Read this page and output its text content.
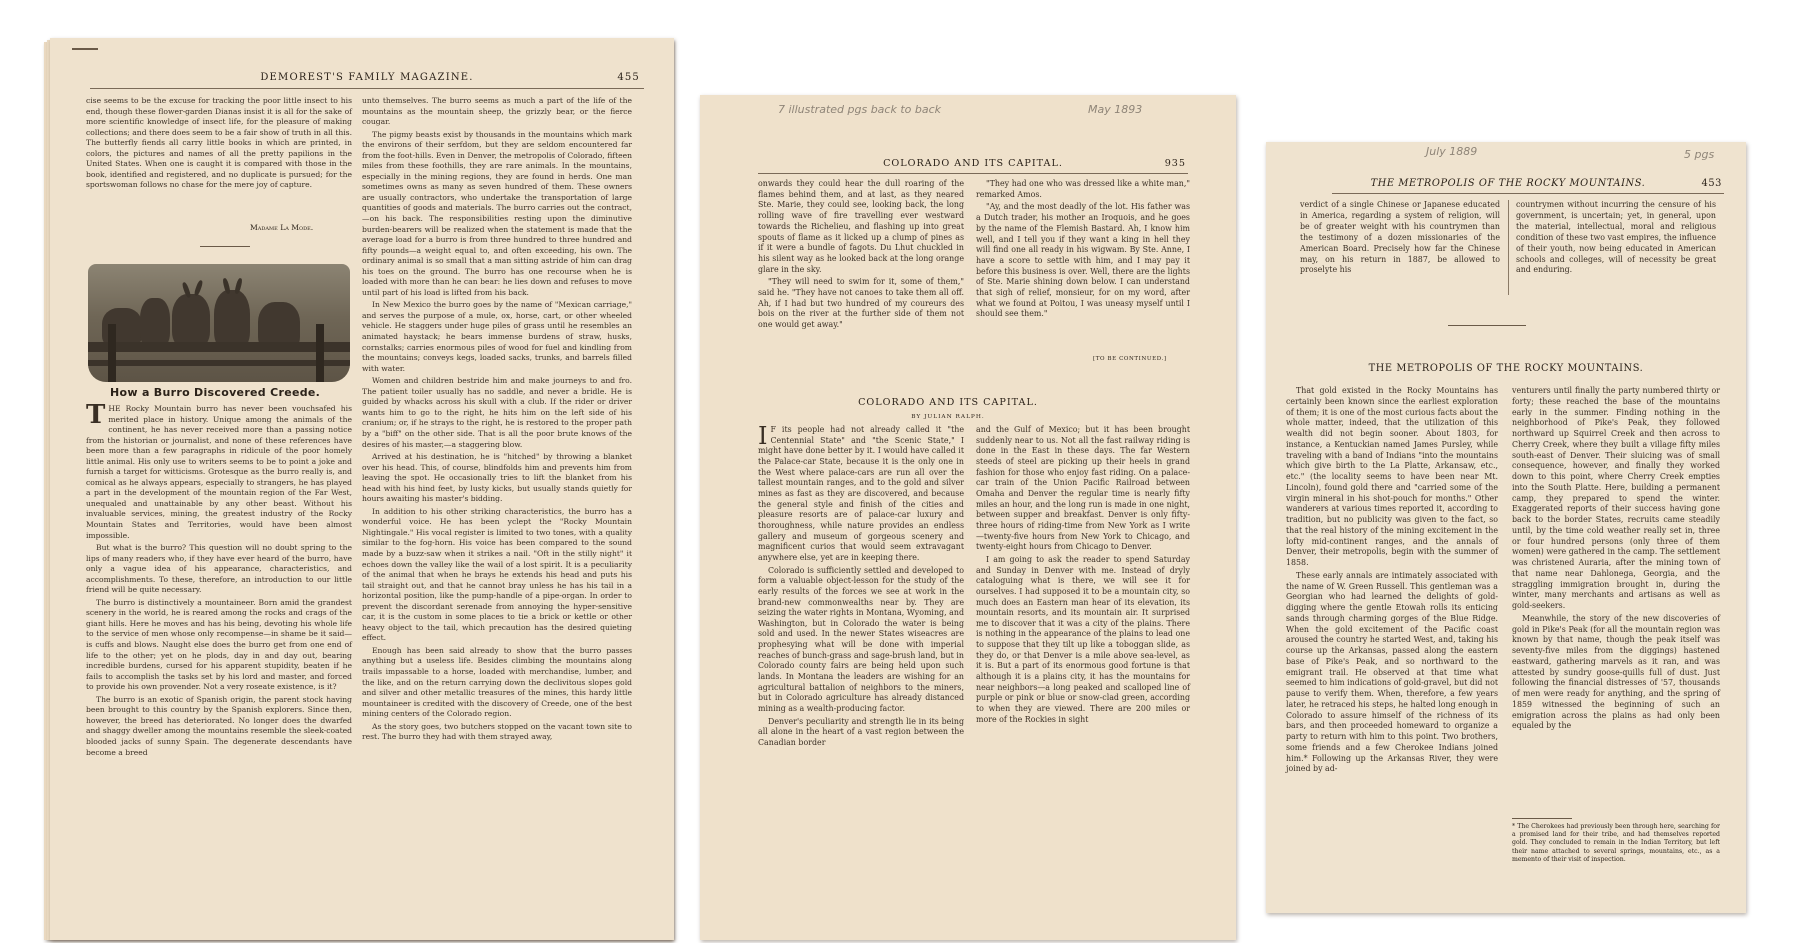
DEMOREST'S FAMILY MAGAZINE.	455

cise seems to be the excuse for tracking the poor little insect to his end, though these flower-garden Dianas insist it is all for the sake of more scientific knowledge of insect life, for the pleasure of making collections; and there does seem to be a fair show of truth in all this. The butterfly fiends all carry little books in which are printed, in colors, the pictures and names of all the pretty papilions in the United States. When one is caught it is compared with those in the book, identified and registered, and no duplicate is pursued; for the sportswoman follows no chase for the mere joy of capture.

Madame La Mode.
How a Burro Discovered Creede.

THE Rocky Mountain burro has never been vouchsafed his merited place in history. Unique among the animals of the continent, he has never received more than a passing notice from the historian or journalist, and none of these references have been more than a few paragraphs in ridicule of the poor homely little animal. His only use to writers seems to be to point a joke and furnish a target for witticisms. Grotesque as the burro really is, and comical as he always appears, especially to strangers, he has played a part in the development of the mountain region of the Far West, unequaled and unattainable by any other beast. Without his invaluable services, mining, the greatest industry of the Rocky Mountain States and Territories, would have been almost impossible.

But what is the burro? This question will no doubt spring to the lips of many readers who, if they have ever heard of the burro, have only a vague idea of his appearance, characteristics, and accomplishments. To these, therefore, an introduction to our little friend will be quite necessary.

The burro is distinctively a mountaineer. Born amid the grandest scenery in the world, he is reared among the rocks and crags of the giant hills. Here he moves and has his being, devoting his whole life to the service of men whose only recompense—in shame be it said—is cuffs and blows. Naught else does the burro get from one end of life to the other; yet on he plods, day in and day out, bearing incredible burdens, cursed for his apparent stupidity, beaten if he fails to accomplish the tasks set by his lord and master, and forced to provide his own provender. Not a very roseate existence, is it?

The burro is an exotic of Spanish origin, the parent stock having been brought to this country by the Spanish explorers. Since then, however, the breed has deteriorated. No longer does the dwarfed and shaggy dweller among the mountains resemble the sleek-coated blooded jacks of sunny Spain. The degenerate descendants have become a breed

unto themselves. The burro seems as much a part of the life of the mountains as the mountain sheep, the grizzly bear, or the fierce cougar.

The pigmy beasts exist by thousands in the mountains which mark the environs of their serfdom, but they are seldom encountered far from the foot-hills. Even in Denver, the metropolis of Colorado, fifteen miles from these foothills, they are rare animals. In the mountains, especially in the mining regions, they are found in herds. One man sometimes owns as many as seven hundred of them. These owners are usually contractors, who undertake the transportation of large quantities of goods and materials. The burro carries out the contract,—on his back. The responsibilities resting upon the diminutive burden-bearers will be realized when the statement is made that the average load for a burro is from three hundred to three hundred and fifty pounds—a weight equal to, and often exceeding, his own. The ordinary animal is so small that a man sitting astride of him can drag his toes on the ground. The burro has one recourse when he is loaded with more than he can bear: he lies down and refuses to move until part of his load is lifted from his back.

In New Mexico the burro goes by the name of "Mexican carriage," and serves the purpose of a mule, ox, horse, cart, or other wheeled vehicle. He staggers under huge piles of grass until he resembles an animated haystack; he bears immense burdens of straw, husks, cornstalks; carries enormous piles of wood for fuel and kindling from the mountains; conveys kegs, loaded sacks, trunks, and barrels filled with water.

Women and children bestride him and make journeys to and fro. The patient toiler usually has no saddle, and never a bridle. He is guided by whacks across his skull with a club. If the rider or driver wants him to go to the right, he hits him on the left side of his cranium; or, if he strays to the right, he is restored to the proper path by a "biff" on the other side. That is all the poor brute knows of the desires of his master,—a staggering blow.

Arrived at his destination, he is "hitched" by throwing a blanket over his head. This, of course, blindfolds him and prevents him from leaving the spot. He occasionally tries to lift the blanket from his head with his hind feet, by lusty kicks, but usually stands quietly for hours awaiting his master's bidding.

In addition to his other striking characteristics, the burro has a wonderful voice. He has been yclept the "Rocky Mountain Nightingale." His vocal register is limited to two tones, with a quality similar to the fog-horn. His voice has been compared to the sound made by a buzz-saw when it strikes a nail. "Oft in the stilly night" it echoes down the valley like the wail of a lost spirit. It is a peculiarity of the animal that when he brays he extends his head and puts his tail straight out, and that he cannot bray unless he has his tail in a horizontal position, like the pump-handle of a pipe-organ. In order to prevent the discordant serenade from annoying the hyper-sensitive car, it is the custom in some places to tie a brick or kettle or other heavy object to the tail, which precaution has the desired quieting effect.

Enough has been said already to show that the burro passes anything but a useless life. Besides climbing the mountains along trails impassable to a horse, loaded with merchandise, lumber, and the like, and on the return carrying down the declivitous slopes gold and silver and other metallic treasures of the mines, this hardy little mountaineer is credited with the discovery of Creede, one of the best mining centers of the Colorado region.

As the story goes, two butchers stopped on the vacant town site to rest. The burro they had with them strayed away,

7 illustrated pgs back to back	May 1893
COLORADO AND ITS CAPITAL.	935

onwards they could hear the dull roaring of the flames behind them, and at last, as they neared Ste. Marie, they could see, looking back, the long rolling wave of fire travelling ever westward towards the Richelieu, and flashing up into great spouts of flame as it licked up a clump of pines as if it were a bundle of fagots. Du Lhut chuckled in his silent way as he looked back at the long orange glare in the sky.

"They will need to swim for it, some of them," said he. "They have not canoes to take them all off. Ah, if I had but two hundred of my coureurs des bois on the river at the further side of them not one would get away."

"They had one who was dressed like a white man," remarked Amos.

"Ay, and the most deadly of the lot. His father was a Dutch trader, his mother an Iroquois, and he goes by the name of the Flemish Bastard. Ah, I know him well, and I tell you if they want a king in hell they will find one all ready in his wigwam. By Ste. Anne, I have a score to settle with him, and I may pay it before this business is over. Well, there are the lights of Ste. Marie shining down below. I can understand that sigh of relief, monsieur, for on my word, after what we found at Poitou, I was uneasy myself until I should see them."

[TO BE CONTINUED.]
COLORADO AND ITS CAPITAL.
BY JULIAN RALPH.

I F its people had not already called it "the Centennial State" and "the Scenic State," I might have done better by it. I would have called it the Palace-car State, because it is the only one in the West where palace-cars are run all over the tallest mountain ranges, and to the gold and silver mines as fast as they are discovered, and because the general style and finish of the cities and pleasure resorts are of palace-car luxury and thoroughness, while nature provides an endless gallery and museum of gorgeous scenery and magnificent curios that would seem extravagant anywhere else, yet are in keeping there.

Colorado is sufficiently settled and developed to form a valuable object-lesson for the study of the early results of the forces we see at work in the brand-new commonwealths near by. They are seizing the water rights in Montana, Wyoming, and Washington, but in Colorado the water is being sold and used. In the newer States wiseacres are prophesying what will be done with imperial reaches of bunch-grass and sage-brush land, but in Colorado county fairs are being held upon such lands. In Montana the leaders are wishing for an agricultural battalion of neighbors to the miners, but in Colorado agriculture has already distanced mining as a wealth-producing factor.

Denver's peculiarity and strength lie in its being all alone in the heart of a vast region between the Canadian border

and the Gulf of Mexico; but it has been brought suddenly near to us. Not all the fast railway riding is done in the East in these days. The far Western steeds of steel are picking up their heels in grand fashion for those who enjoy fast riding. On a palace-car train of the Union Pacific Railroad between Omaha and Denver the regular time is nearly fifty miles an hour, and the long run is made in one night, between supper and breakfast. Denver is only fifty-three hours of riding-time from New York as I write—twenty-five hours from New York to Chicago, and twenty-eight hours from Chicago to Denver.

I am going to ask the reader to spend Saturday and Sunday in Denver with me. Instead of dryly cataloguing what is there, we will see it for ourselves. I had supposed it to be a mountain city, so much does an Eastern man hear of its elevation, its mountain resorts, and its mountain air. It surprised me to discover that it was a city of the plains. There is nothing in the appearance of the plains to lead one to suppose that they tilt up like a toboggan slide, as they do, or that Denver is a mile above sea-level, as it is. But a part of its enormous good fortune is that although it is a plains city, it has the mountains for near neighbors—a long peaked and scalloped line of purple or pink or blue or snow-clad green, according to when they are viewed. There are 200 miles or more of the Rockies in sight

July 1889	5 pgs
THE METROPOLIS OF THE ROCKY MOUNTAINS.	453

verdict of a single Chinese or Japanese educated in America, regarding a system of religion, will be of greater weight with his countrymen than the testimony of a dozen missionaries of the American Board. Precisely how far the Chinese may, on his return in 1887, be allowed to proselyte his

countrymen without incurring the censure of his government, is uncertain; yet, in general, upon the material, intellectual, moral and religious condition of these two vast empires, the influence of their youth, now being educated in American schools and colleges, will of necessity be great and enduring.

THE METROPOLIS OF THE ROCKY MOUNTAINS.

That gold existed in the Rocky Mountains has certainly been known since the earliest exploration of them; it is one of the most curious facts about the whole matter, indeed, that the utilization of this wealth did not begin sooner. About 1803, for instance, a Kentuckian named James Pursley, while traveling with a band of Indians "into the mountains which give birth to the La Platte, Arkansaw, etc., etc." (the locality seems to have been near Mt. Lincoln), found gold there and "carried some of the virgin mineral in his shot-pouch for months." Other wanderers at various times reported it, according to tradition, but no publicity was given to the fact, so that the real history of the mining excitement in the lofty mid-continent ranges, and the annals of Denver, their metropolis, begin with the summer of 1858.

These early annals are intimately associated with the name of W. Green Russell. This gentleman was a Georgian who had learned the delights of gold-digging where the gentle Etowah rolls its enticing sands through charming gorges of the Blue Ridge. When the gold excitement of the Pacific coast aroused the country he started West, and, taking his course up the Arkansas, passed along the eastern base of Pike's Peak, and so northward to the emigrant trail. He observed at that time what seemed to him indications of gold-gravel, but did not pause to verify them. When, therefore, a few years later, he retraced his steps, he halted long enough in Colorado to assure himself of the richness of its bars, and then proceeded homeward to organize a party to return with him to this point. Two brothers, some friends and a few Cherokee Indians joined him.* Following up the Arkansas River, they were joined by ad-

venturers until finally the party numbered thirty or forty; these reached the base of the mountains early in the summer. Finding nothing in the neighborhood of Pike's Peak, they followed northward up Squirrel Creek and then across to Cherry Creek, where they built a village fifty miles south-east of Denver. Their sluicing was of small consequence, however, and finally they worked down to this point, where Cherry Creek empties into the South Platte. Here, building a permanent camp, they prepared to spend the winter. Exaggerated reports of their success having gone back to the border States, recruits came steadily until, by the time cold weather really set in, three or four hundred persons (only three of them women) were gathered in the camp. The settlement was christened Auraria, after the mining town of that name near Dahlonega, Georgia, and the straggling immigration brought in, during the winter, many merchants and artisans as well as gold-seekers.

Meanwhile, the story of the new discoveries of gold in Pike's Peak (for all the mountain region was known by that name, though the peak itself was seventy-five miles from the diggings) hastened eastward, gathering marvels as it ran, and was attested by sundry goose-quills full of dust. Just following the financial distresses of '57, thousands of men were ready for anything, and the spring of 1859 witnessed the beginning of such an emigration across the plains as had only been equaled by the

* The Cherokees had previously been through here, searching for a promised land for their tribe, and had themselves reported gold. They concluded to remain in the Indian Territory, but left their name attached to several springs, mountains, etc., as a memento of their visit of inspection.
